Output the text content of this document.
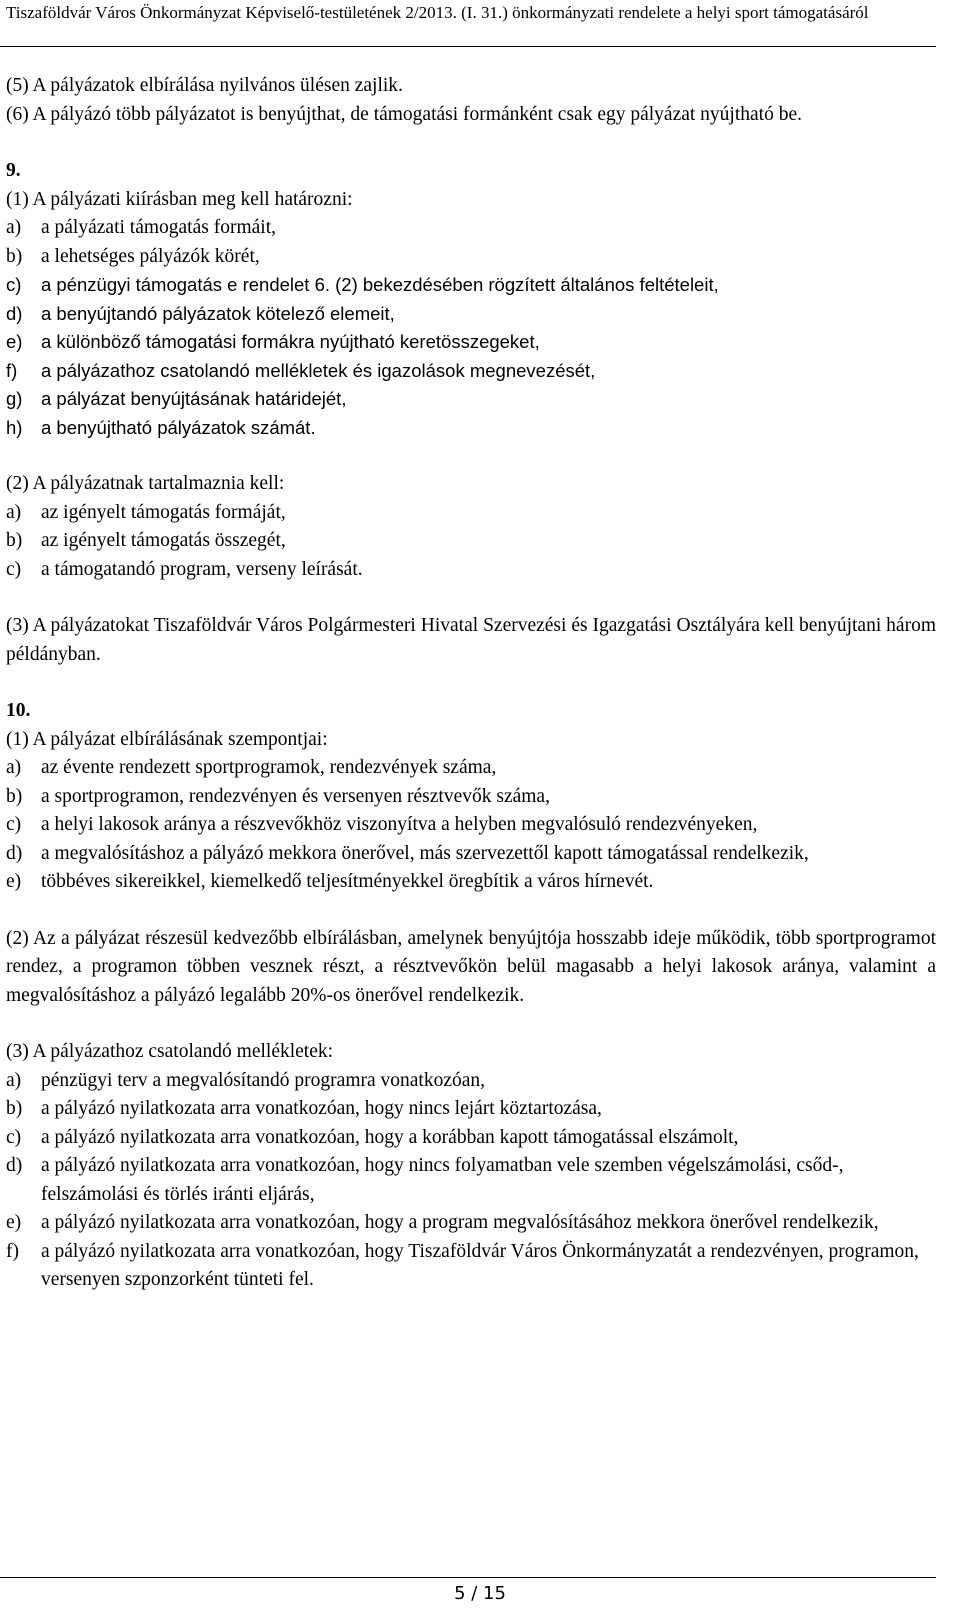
Tiszaföldvár Város Önkormányzat Képviselő-testületének 2/2013. (I. 31.) önkormányzati rendelete a helyi sport támogatásáról

(5) A pályázatok elbírálása nyilvános ülésen zajlik.

(6) A pályázó több pályázatot is benyújthat, de támogatási formánként csak egy pályázat nyújtható be.

9.

(1) A pályázati kiírásban meg kell határozni:

a)	a pályázati támogatás formáit,
b) a lehetséges pályázók körét,
c)	a pénzügyi támogatás e rendelet 6. (2) bekezdésében rögzített általános feltételeit,
d)	a benyújtandó pályázatok kötelező elemeit,
e)	a különböző támogatási formákra nyújtható keretösszegeket,
f)	a pályázathoz csatolandó mellékletek és igazolások megnevezését,
g)	a pályázat benyújtásának határidejét,
h)	a benyújtható pályázatok számát.

(2) A pályázatnak tartalmaznia kell:

a)	az igényelt támogatás formáját,
b) az igényelt támogatás összegét,
c)	a támogatandó program, verseny leírását.

(3) A pályázatokat Tiszaföldvár Város Polgármesteri Hivatal Szervezési és Igazgatási Osztályára kell benyújtani három példányban.

10.

(1) A pályázat elbírálásának szempontjai:

a)	az évente rendezett sportprogramok, rendezvények száma,
b) a sportprogramon, rendezvényen és versenyen résztvevők száma,
c)	a helyi lakosok aránya a részvevőkhöz viszonyítva a helyben megvalósuló rendezvényeken,
d) a megvalósításhoz a pályázó mekkora önerővel, más szervezettől kapott támogatással rendelkezik,
e)	többéves sikereikkel, kiemelkedő teljesítményekkel öregbítik a város hírnevét.

(2) Az a pályázat részesül kedvezőbb elbírálásban, amelynek benyújtója hosszabb ideje működik, több sportprogramot rendez, a programon többen vesznek részt, a résztvevőkön belül magasabb a helyi lakosok aránya, valamint a megvalósításhoz a pályázó legalább 20%-os önerővel rendelkezik.

(3) A pályázathoz csatolandó mellékletek:

a)	pénzügyi terv a megvalósítandó programra vonatkozóan,
b) a pályázó nyilatkozata arra vonatkozóan, hogy nincs lejárt köztartozása,
c)	a pályázó nyilatkozata arra vonatkozóan, hogy a korábban kapott támogatással elszámolt,
d) a pályázó nyilatkozata arra vonatkozóan, hogy nincs folyamatban vele szemben végelszámolási, csőd-, felszámolási és törlés iránti eljárás,
e)	a pályázó nyilatkozata arra vonatkozóan, hogy a program megvalósításához mekkora önerővel rendelkezik,
f)	a pályázó nyilatkozata arra vonatkozóan, hogy Tiszaföldvár Város Önkormányzatát a rendezvényen, programon, versenyen szponzorként tünteti fel.
5 / 15
